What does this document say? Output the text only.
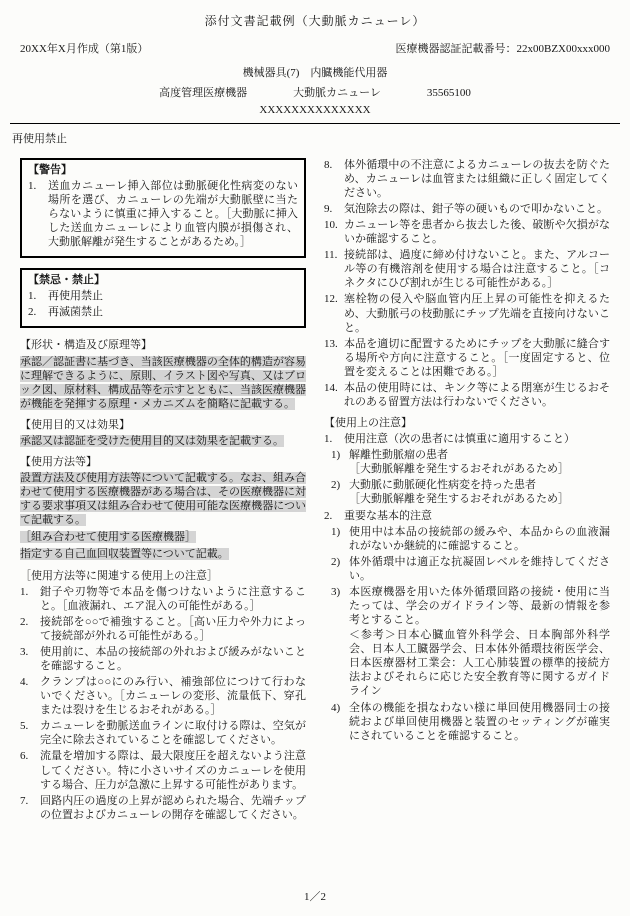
添付文書記載例（大動脈カニューレ）
20XX年X月作成（第1版）	医療機器認証記載番号：22x00BZX00xxx000
機械器具(7)　内臓機能代用器
高度管理医療機器	大動脈カニューレ	35565100
XXXXXXXXXXXXXX
再使用禁止
【警告】
1.	送血カニューレ挿入部位は動脈硬化性病変のない場所を選び、カニューレの先端が大動脈壁に当たらないように慎重に挿入すること。［大動脈に挿入した送血カニューレにより血管内膜が損傷され、大動脈解離が発生することがあるため。］
【禁忌・禁止】
1.	再使用禁止
2.	再滅菌禁止
【形状・構造及び原理等】

承認／認証書に基づき、当該医療機器の全体的構造が容易に理解できるように、原則、イラスト図や写真、又はブロック図、原材料、構成品等を示すとともに、当該医療機器が機能を発揮する原理・メカニズムを簡略に記載する。

【使用目的又は効果】

承認又は認証を受けた使用目的又は効果を記載する。

【使用方法等】

設置方法及び使用方法等について記載する。なお、組み合わせて使用する医療機器がある場合は、その医療機器に対する要求事項又は組み合わせて使用可能な医療機器について記載する。

［組み合わせて使用する医療機器］

指定する自己血回収装置等について記載。

［使用方法等に関連する使用上の注意］
1.	鉗子や刃物等で本品を傷つけないように注意すること。［血液漏れ、エア混入の可能性がある。］
2.	接続部を○○で補強すること。［高い圧力や外力によって接続部が外れる可能性がある。］
3.	使用前に、本品の接続部の外れおよび緩みがないことを確認すること。
4.	クランプは○○にのみ行い、補強部位につけて行わないでください。［カニューレの変形、流量低下、穿孔または裂けを生じるおそれがある。］
5.	カニューレを動脈送血ラインに取付ける際は、空気が完全に除去されていることを確認してください。
6.	流量を増加する際は、最大限度圧を超えないよう注意してください。特に小さいサイズのカニューレを使用する場合、圧力が急激に上昇する可能性があります。
7.	回路内圧の過度の上昇が認められた場合、先端チップの位置およびカニューレの開存を確認してください。
8.	体外循環中の不注意によるカニューレの抜去を防ぐため、カニューレは血管または組織に正しく固定してください。
9.	気泡除去の際は、鉗子等の硬いもので叩かないこと。
10. カニューレ等を患者から抜去した後、破断や欠損がないか確認すること。
11. 接続部は、過度に締め付けないこと。また、アルコール等の有機溶剤を使用する場合は注意すること。［コネクタにひび割れが生じる可能性がある。］
12. 塞栓物の侵入や脳血管内圧上昇の可能性を抑えるため、大動脈弓の枝動脈にチップ先端を直接向けないこと。
13. 本品を適切に配置するためにチップを大動脈に縫合する場所や方向に注意すること。［一度固定すると、位置を変えることは困難である。］
14. 本品の使用時には、キンク等による閉塞が生じるおそれのある留置方法は行わないでください。
【使用上の注意】
1.	使用注意（次の患者には慎重に適用すること）
1) 解離性動脈瘤の患者
［大動脈解離を発生するおそれがあるため］
2) 大動脈に動脈硬化性病変を持った患者
［大動脈解離を発生するおそれがあるため］
2.	重要な基本的注意
1) 使用中は本品の接続部の緩みや、本品からの血液漏れがないか継続的に確認すること。
2) 体外循環中は適正な抗凝固レベルを維持してください。
3) 本医療機器を用いた体外循環回路の接続・使用に当たっては、学会のガイドライン等、最新の情報を参考とすること。
＜参考＞日本心臓血管外科学会、日本胸部外科学会、日本人工臓器学会、日本体外循環技術医学会、日本医療器材工業会：人工心肺装置の標準的接続方法およびそれらに応じた安全教育等に関するガイドライン
4) 全体の機能を損なわない様に単回使用機器同士の接続および単回使用機器と装置のセッティングが確実にされていることを確認すること。
1／2
